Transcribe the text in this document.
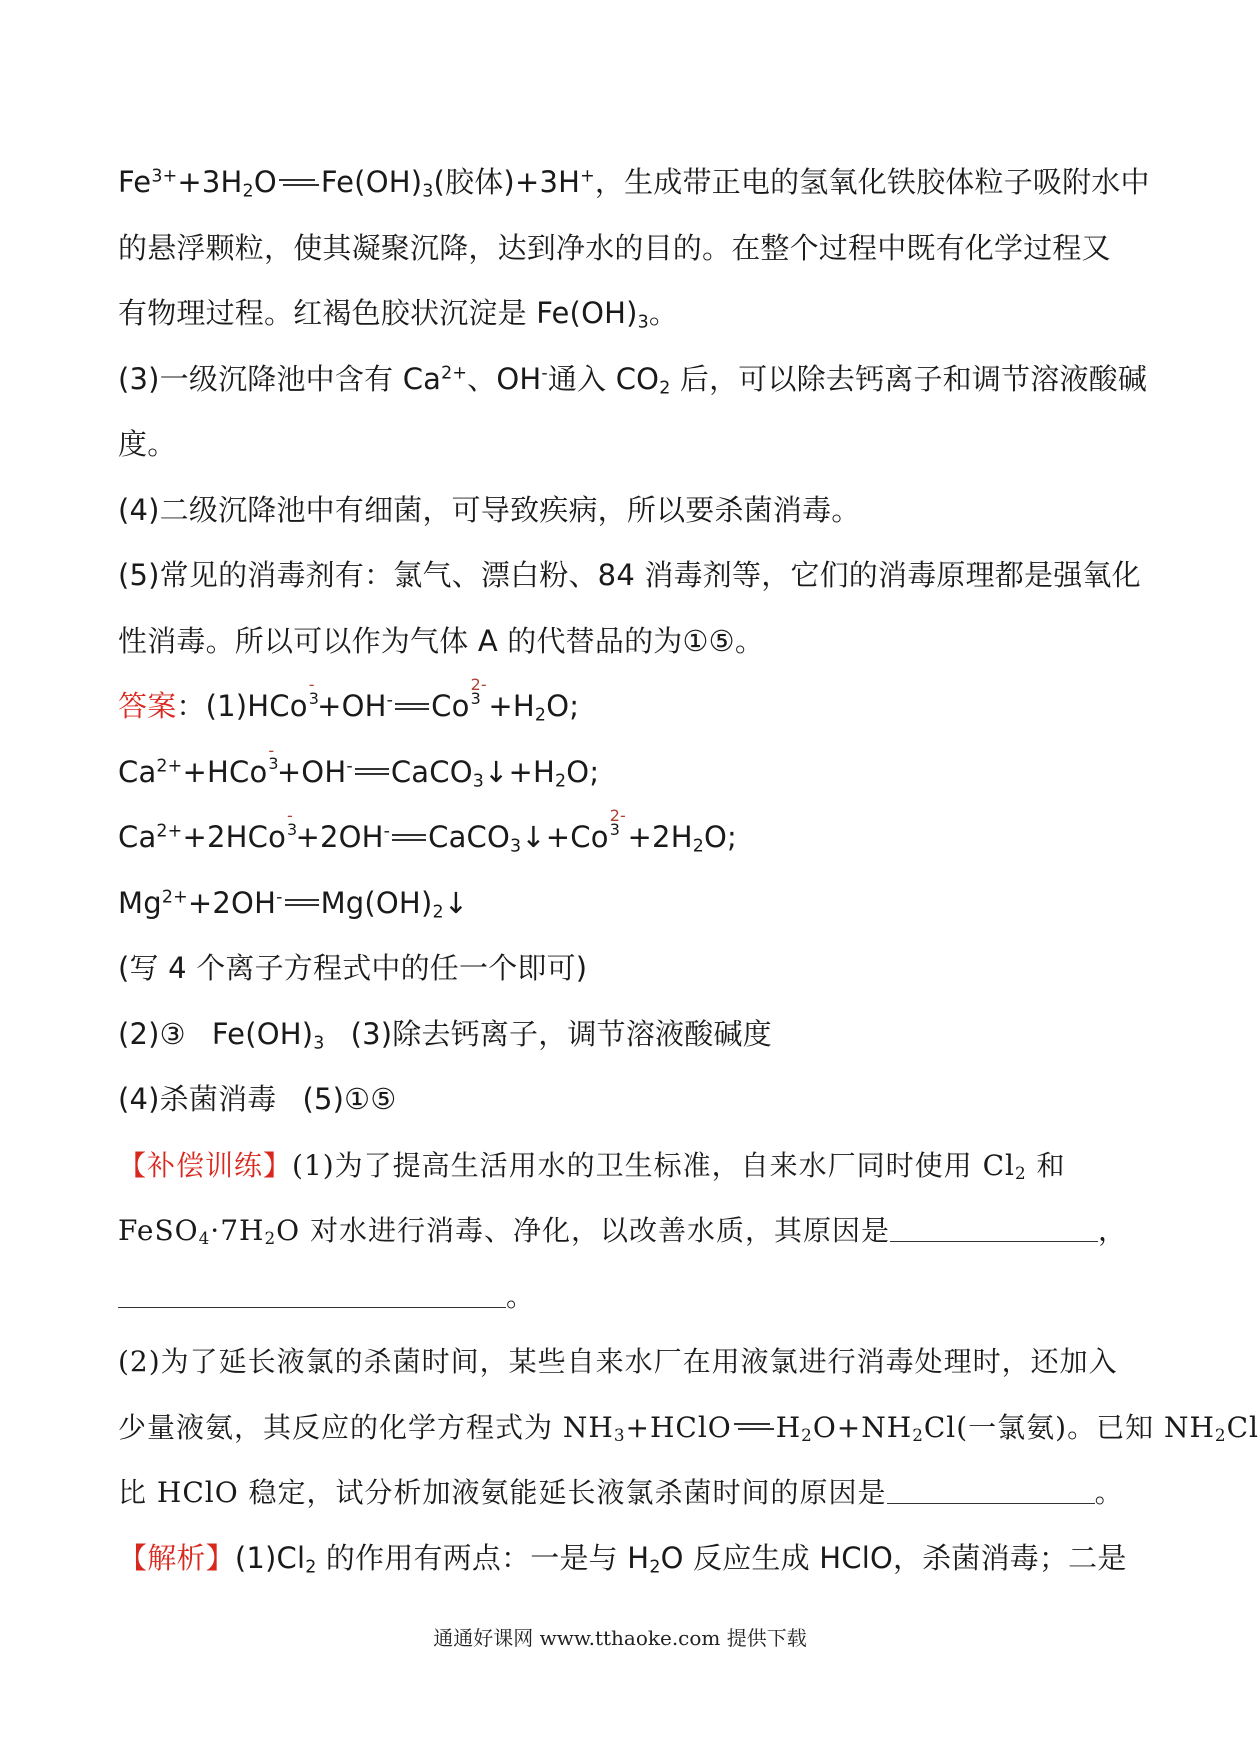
$Fe^{3+}+3H_2O$ $Fe(OH)_3$(胶体)+3H+，生成带正电的氢氧化铁胶体粒子吸附水中
的悬浮颗粒，使其凝聚沉降，达到净水的目的。在整个过程中既有化学过程又
有物理过程。红褐色胶状沉淀是 $Fe(OH)_3$。
(3)一级沉降池中含有 $Ca^{2+}$、OH-通入 $CO_2$ 后，可以除去钙离子和调节溶液酸碱
度。
(4)二级沉降池中有细菌，可导致疾病，所以要杀菌消毒。
(5)常见的消毒剂有：氯气、漂白粉、84 消毒剂等，它们的消毒原理都是强氧化
性消毒。所以可以作为气体 A 的代替品的为①⑤。
答案：(1)HCo
-
3
+OH- Co
2-
$3 +H_2O$;
$Ca^{2+}+HCo$
-
3
+OH- $CaCO_3↓+H_2O$;
$Ca^{2+}+2HCo$
-
3
+2OH- CaCO$_3$↓+Co
2-
$3 +2H_2O$;
$Mg^{2+}+2OH^-$ $Mg(OH)_2↓$
(写 4 个离子方程式中的任一个即可)
(2)③ $Fe(OH)_3$ (3)除去钙离子，调节溶液酸碱度
(4)杀菌消毒 (5)①⑤
【补偿训练】(1)为了提高生活用水的卫生标准，自来水厂同时使用 $Cl_2$ 和
$FeSO_4\cdot 7H_2O$ 对水进行消毒、净化，以改善水质，其原因是	，
。
(2)为了延长液氯的杀菌时间，某些自来水厂在用液氯进行消毒处理时，还加入
少量液氨，其反应的化学方程式为 $NH_3+HClO$ $H_2O+NH_2Cl$(一氯氨)。已知 $NH_2Cl$
比 HClO 稳定，试分析加液氨能延长液氯杀菌时间的原因是	。
【解析】$(1)Cl_2$ 的作用有两点：一是与 $H_2O$ 反应生成 HClO，杀菌消毒；二是
通通好课网 www.tthaoke.com 提供下载
